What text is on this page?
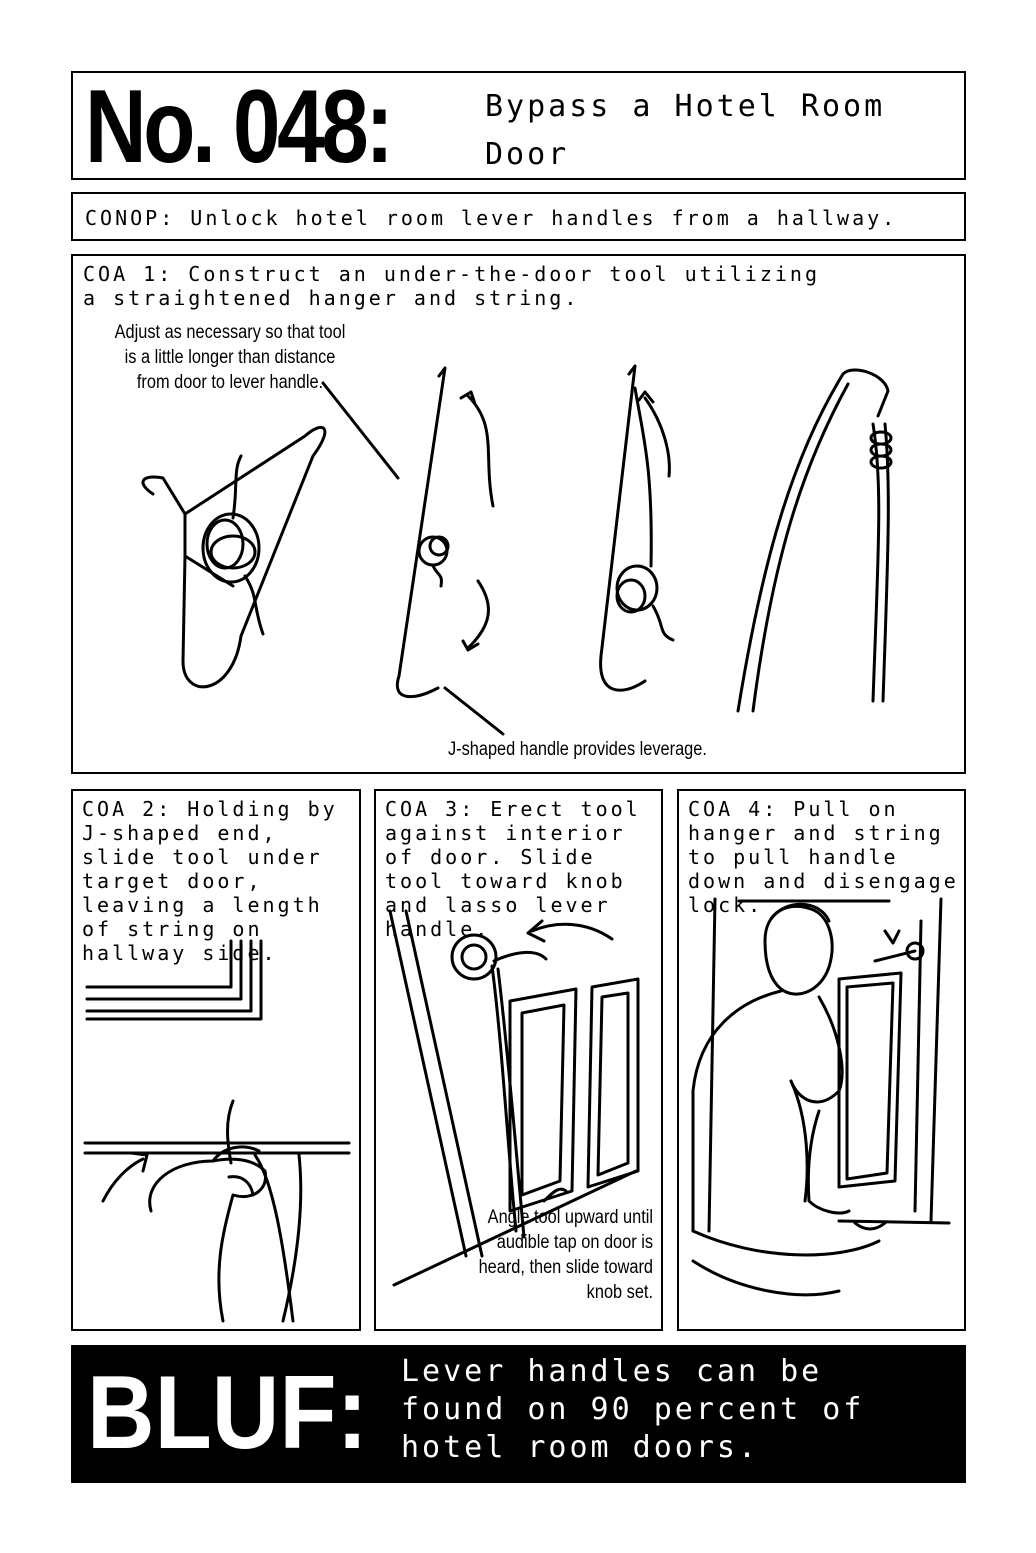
No. 048:	Bypass a Hotel Room Door
CONOP: Unlock hotel room lever handles from a hallway.
COA 1: Construct an under-the-door tool utilizing a straightened hanger and string.
Adjust as necessary so that tool is a little longer than distance from door to lever handle.
J-shaped handle provides leverage.
COA 2: Holding by J-shaped end, slide tool under target door, leaving a length of string on hallway side.
COA 3: Erect tool against interior of door. Slide tool toward knob and lasso lever handle.
Angle tool upward until audible tap on door is heard, then slide toward knob set.
COA 4: Pull on hanger and string to pull handle down and disengage lock.
BLUF: Lever handles can be found on 90 percent of hotel room doors.
